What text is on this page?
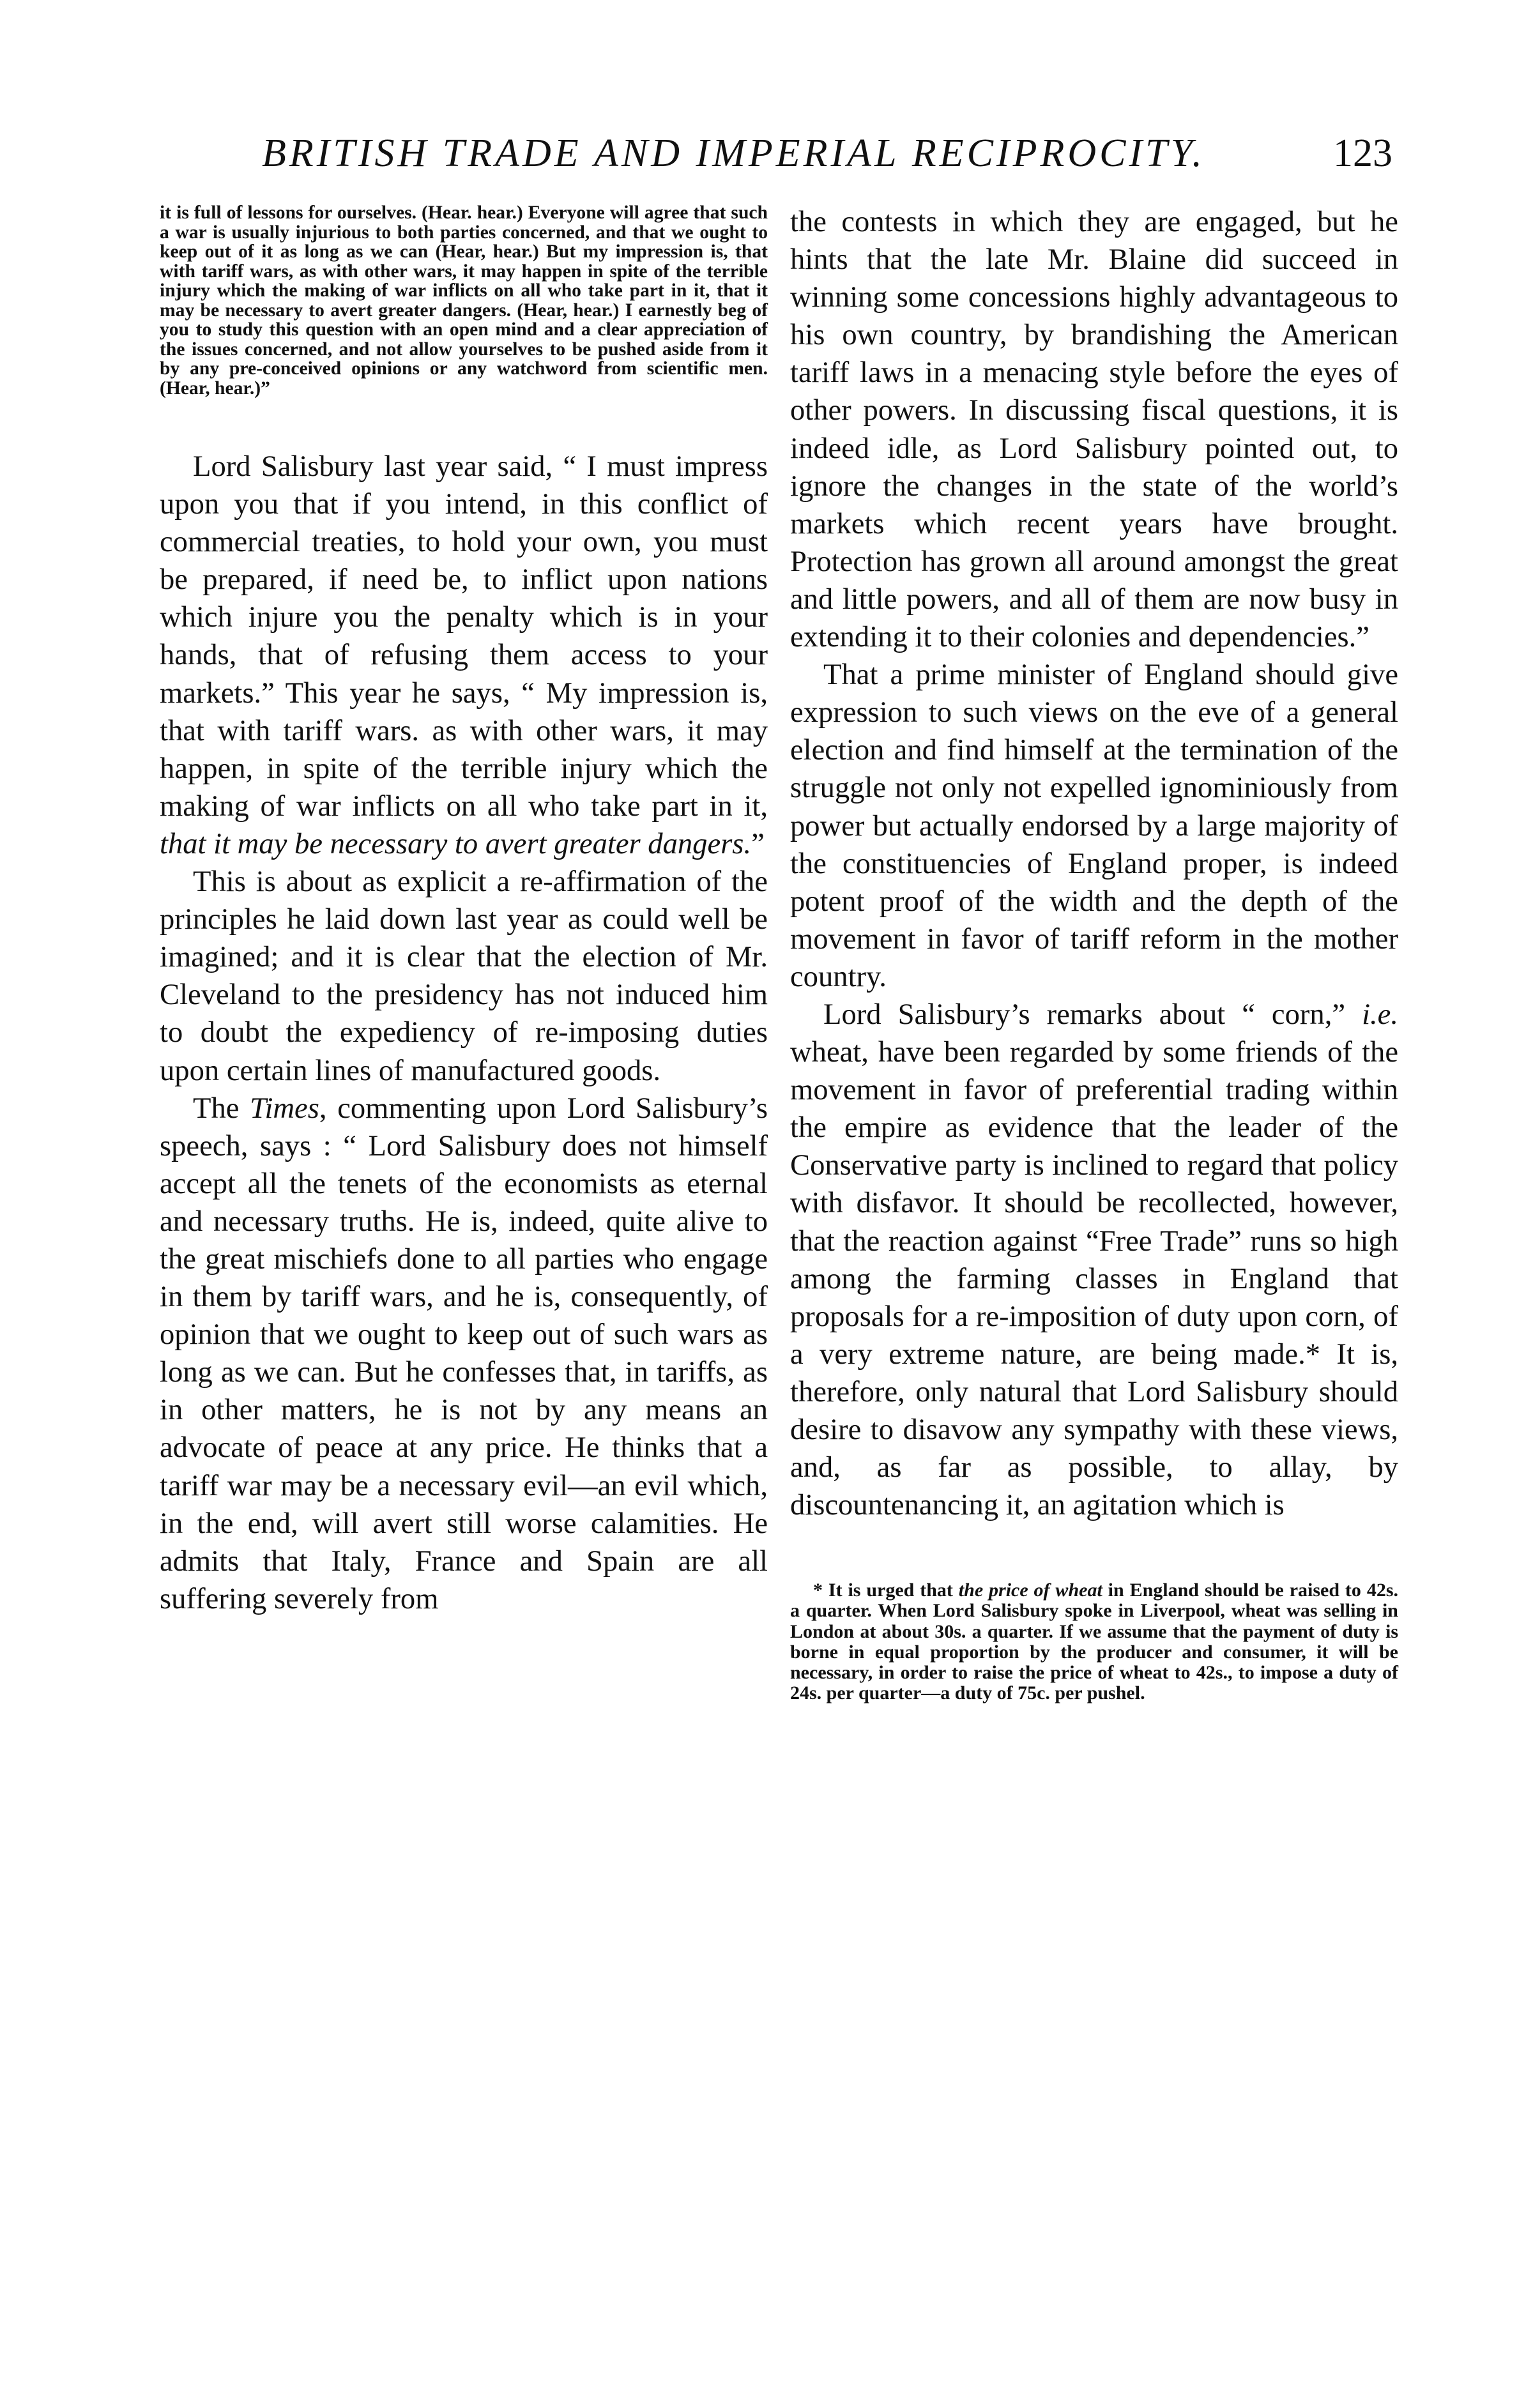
BRITISH TRADE AND IMPERIAL RECIPROCITY.	123

it is full of lessons for ourselves. (Hear. hear.) Everyone will agree that such a war is usually injurious to both parties concerned, and that we ought to keep out of it as long as we can (Hear, hear.) But my impression is, that with tariff wars, as with other wars, it may happen in spite of the terrible injury which the making of war inflicts on all who take part in it, that it may be necessary to avert greater dangers. (Hear, hear.) I earnestly beg of you to study this question with an open mind and a clear appreciation of the issues concerned, and not allow yourselves to be pushed aside from it by any pre-conceived opinions or any watchword from scientific men. (Hear, hear.)”

Lord Salisbury last year said, “ I must impress upon you that if you intend, in this conflict of commercial treaties, to hold your own, you must be prepared, if need be, to inflict upon nations which injure you the penalty which is in your hands, that of refusing them access to your markets.” This year he says, “ My impression is, that with tariff wars. as with other wars, it may happen, in spite of the terrible injury which the making of war inflicts on all who take part in it, that it may be necessary to avert greater dangers.”

This is about as explicit a re-affirmation of the principles he laid down last year as could well be imagined; and it is clear that the election of Mr. Cleveland to the presidency has not induced him to doubt the expediency of re-imposing duties upon certain lines of manufactured goods.

The Times, commenting upon Lord Salisbury’s speech, says : “ Lord Salisbury does not himself accept all the tenets of the economists as eternal and necessary truths. He is, indeed, quite alive to the great mischiefs done to all parties who engage in them by tariff wars, and he is, consequently, of opinion that we ought to keep out of such wars as long as we can. But he confesses that, in tariffs, as in other matters, he is not by any means an advocate of peace at any price. He thinks that a tariff war may be a necessary evil—an evil which, in the end, will avert still worse calamities. He admits that Italy, France and Spain are all suffering severely from

the contests in which they are engaged, but he hints that the late Mr. Blaine did succeed in winning some concessions highly advantageous to his own country, by brandishing the American tariff laws in a menacing style before the eyes of other powers. In discussing fiscal questions, it is indeed idle, as Lord Salisbury pointed out, to ignore the changes in the state of the world’s markets which recent years have brought. Protection has grown all around amongst the great and little powers, and all of them are now busy in extending it to their colonies and dependencies.”

That a prime minister of England should give expression to such views on the eve of a general election and find himself at the termination of the struggle not only not expelled ignominiously from power but actually endorsed by a large majority of the constituencies of England proper, is indeed potent proof of the width and the depth of the movement in favor of tariff reform in the mother country.

Lord Salisbury’s remarks about “ corn,” i.e. wheat, have been regarded by some friends of the movement in favor of preferential trading within the empire as evidence that the leader of the Conservative party is inclined to regard that policy with disfavor. It should be recollected, however, that the reaction against “Free Trade” runs so high among the farming classes in England that proposals for a re-imposition of duty upon corn, of a very extreme nature, are being made.* It is, therefore, only natural that Lord Salisbury should desire to disavow any sympathy with these views, and, as far as possible, to allay, by discountenancing it, an agitation which is

* It is urged that the price of wheat in England should be raised to 42s. a quarter. When Lord Salisbury spoke in Liverpool, wheat was selling in London at about 30s. a quarter. If we assume that the payment of duty is borne in equal proportion by the producer and consumer, it will be necessary, in order to raise the price of wheat to 42s., to impose a duty of 24s. per quarter—a duty of 75c. per pushel.
